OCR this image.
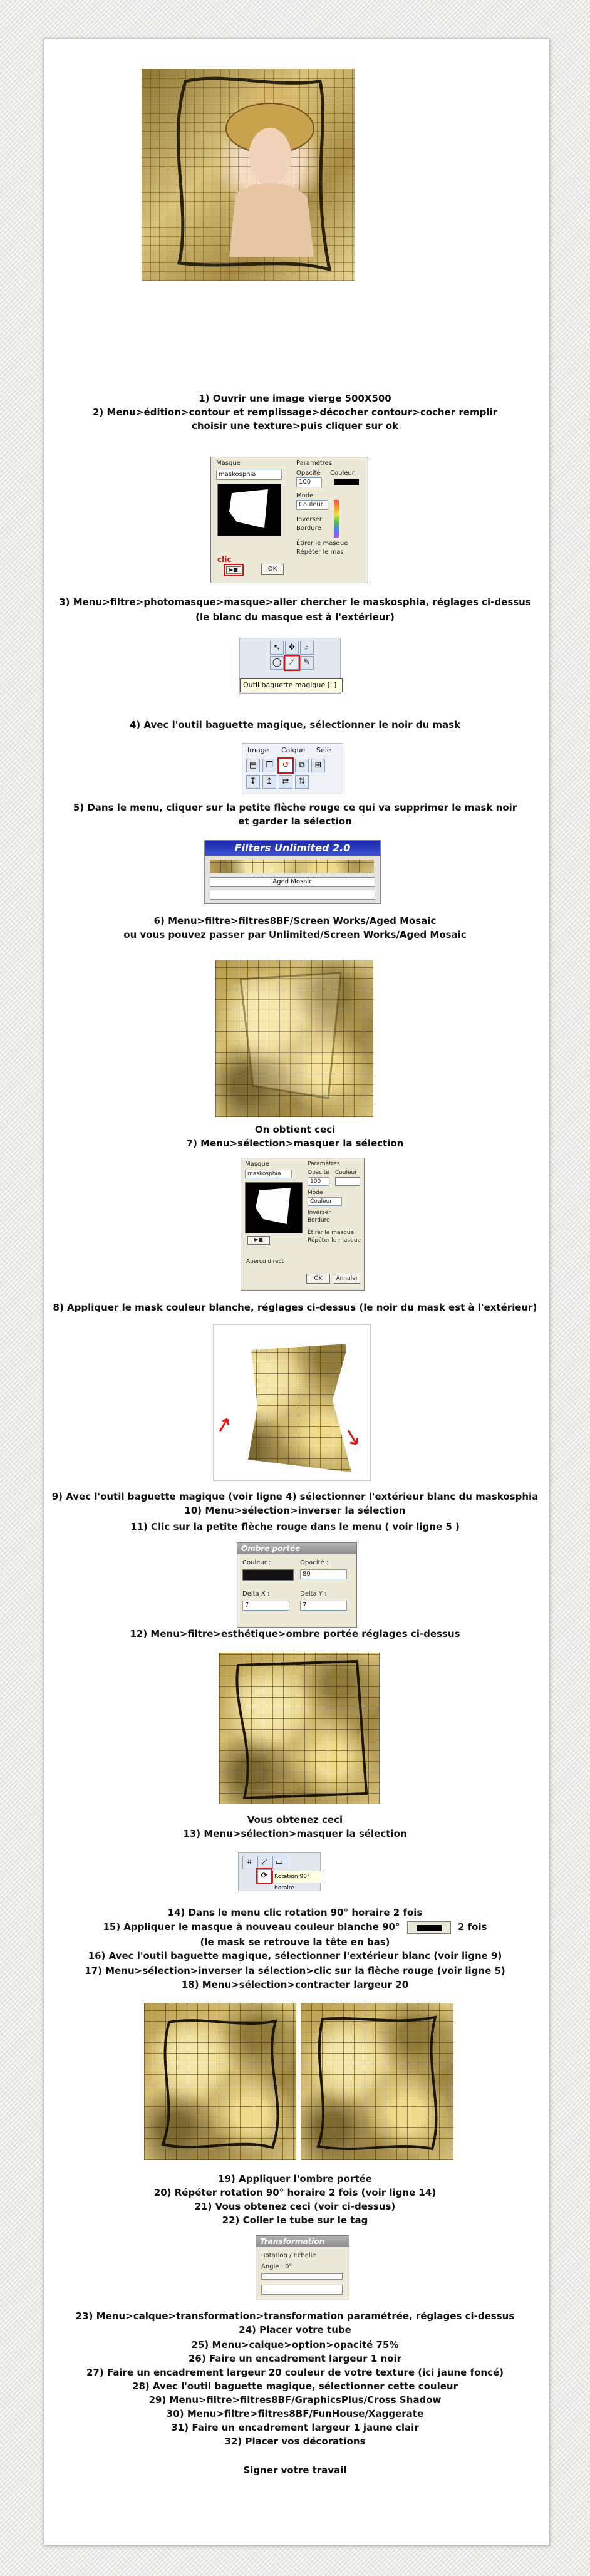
1) Ouvrir une image vierge 500X500
2) Menu>édition>contour et remplissage>décocher contour>cocher remplir
choisir une texture>puis cliquer sur ok
Masque
maskosphia
Paramètres
Opacité
100
Couleur
Mode
Couleur
Inverser
Bordure
Étirer le masque
Répéter le mas
clic
▶■	OK
3) Menu>filtre>photomasque>masque>aller chercher le maskosphia, réglages ci-dessus
(le blanc du masque est à l'extérieur)
↖	✥	⌕
◯ ⟋	✎
Outil baguette magique [L]
4) Avec l'outil baguette magique, sélectionner le noir du mask
Image Calque Séle
▤	❐	↺	⧉	⊞
↧	↥	⇄	⇅
5) Dans le menu, cliquer sur la petite flèche rouge ce qui va supprimer le mask noir
et garder la sélection
Filters Unlimited 2.0
Aged Mosaic
6) Menu>filtre>filtres8BF/Screen Works/Aged Mosaic
ou vous pouvez passer par Unlimited/Screen Works/Aged Mosaic
On obtient ceci
7) Menu>sélection>masquer la sélection
Masque
maskosphia
Paramètres
Opacité
100
Couleur
Mode
Couleur
Inverser
Bordure
Étirer le masque
Répéter le masque
▶■
Aperçu direct
OK	Annuler
8) Appliquer le mask couleur blanche, réglages ci-dessus (le noir du mask est à l'extérieur)
9) Avec l'outil baguette magique (voir ligne 4) sélectionner l'extérieur blanc du maskosphia
10) Menu>sélection>inverser la sélection
11) Clic sur la petite flèche rouge dans le menu ( voir ligne 5 )
Ombre portée
Couleur :	Opacité :
80
Delta X :
7
Delta Y :
7
12) Menu>filtre>esthétique>ombre portée réglages ci-dessus
Vous obtenez ceci
13) Menu>sélection>masquer la sélection
⌗	⤢ ▭
⟳	Rotation 90° horaire
14) Dans le menu clic rotation 90° horaire 2 fois
15) Appliquer le masque à nouveau couleur blanche 90°	2 fois
(le mask se retrouve la tête en bas)
16) Avec l'outil baguette magique, sélectionner l'extérieur blanc (voir ligne 9)
17) Menu>sélection>inverser la sélection>clic sur la flèche rouge (voir ligne 5)
18) Menu>sélection>contracter largeur 20
19) Appliquer l'ombre portée
20) Répéter rotation 90° horaire 2 fois (voir ligne 14)
21) Vous obtenez ceci (voir ci-dessus)
22) Coller le tube sur le tag
Transformation
Rotation / Echelle
Angle : 0°
23) Menu>calque>transformation>transformation paramétrée, réglages ci-dessus
24) Placer votre tube
25) Menu>calque>option>opacité 75%
26) Faire un encadrement largeur 1 noir
27) Faire un encadrement largeur 20 couleur de votre texture (ici jaune foncé)
28) Avec l'outil baguette magique, sélectionner cette couleur
29) Menu>filtre>filtres8BF/GraphicsPlus/Cross Shadow
30) Menu>filtre>filtres8BF/FunHouse/Xaggerate
31) Faire un encadrement largeur 1 jaune clair
32) Placer vos décorations
Signer votre travail
